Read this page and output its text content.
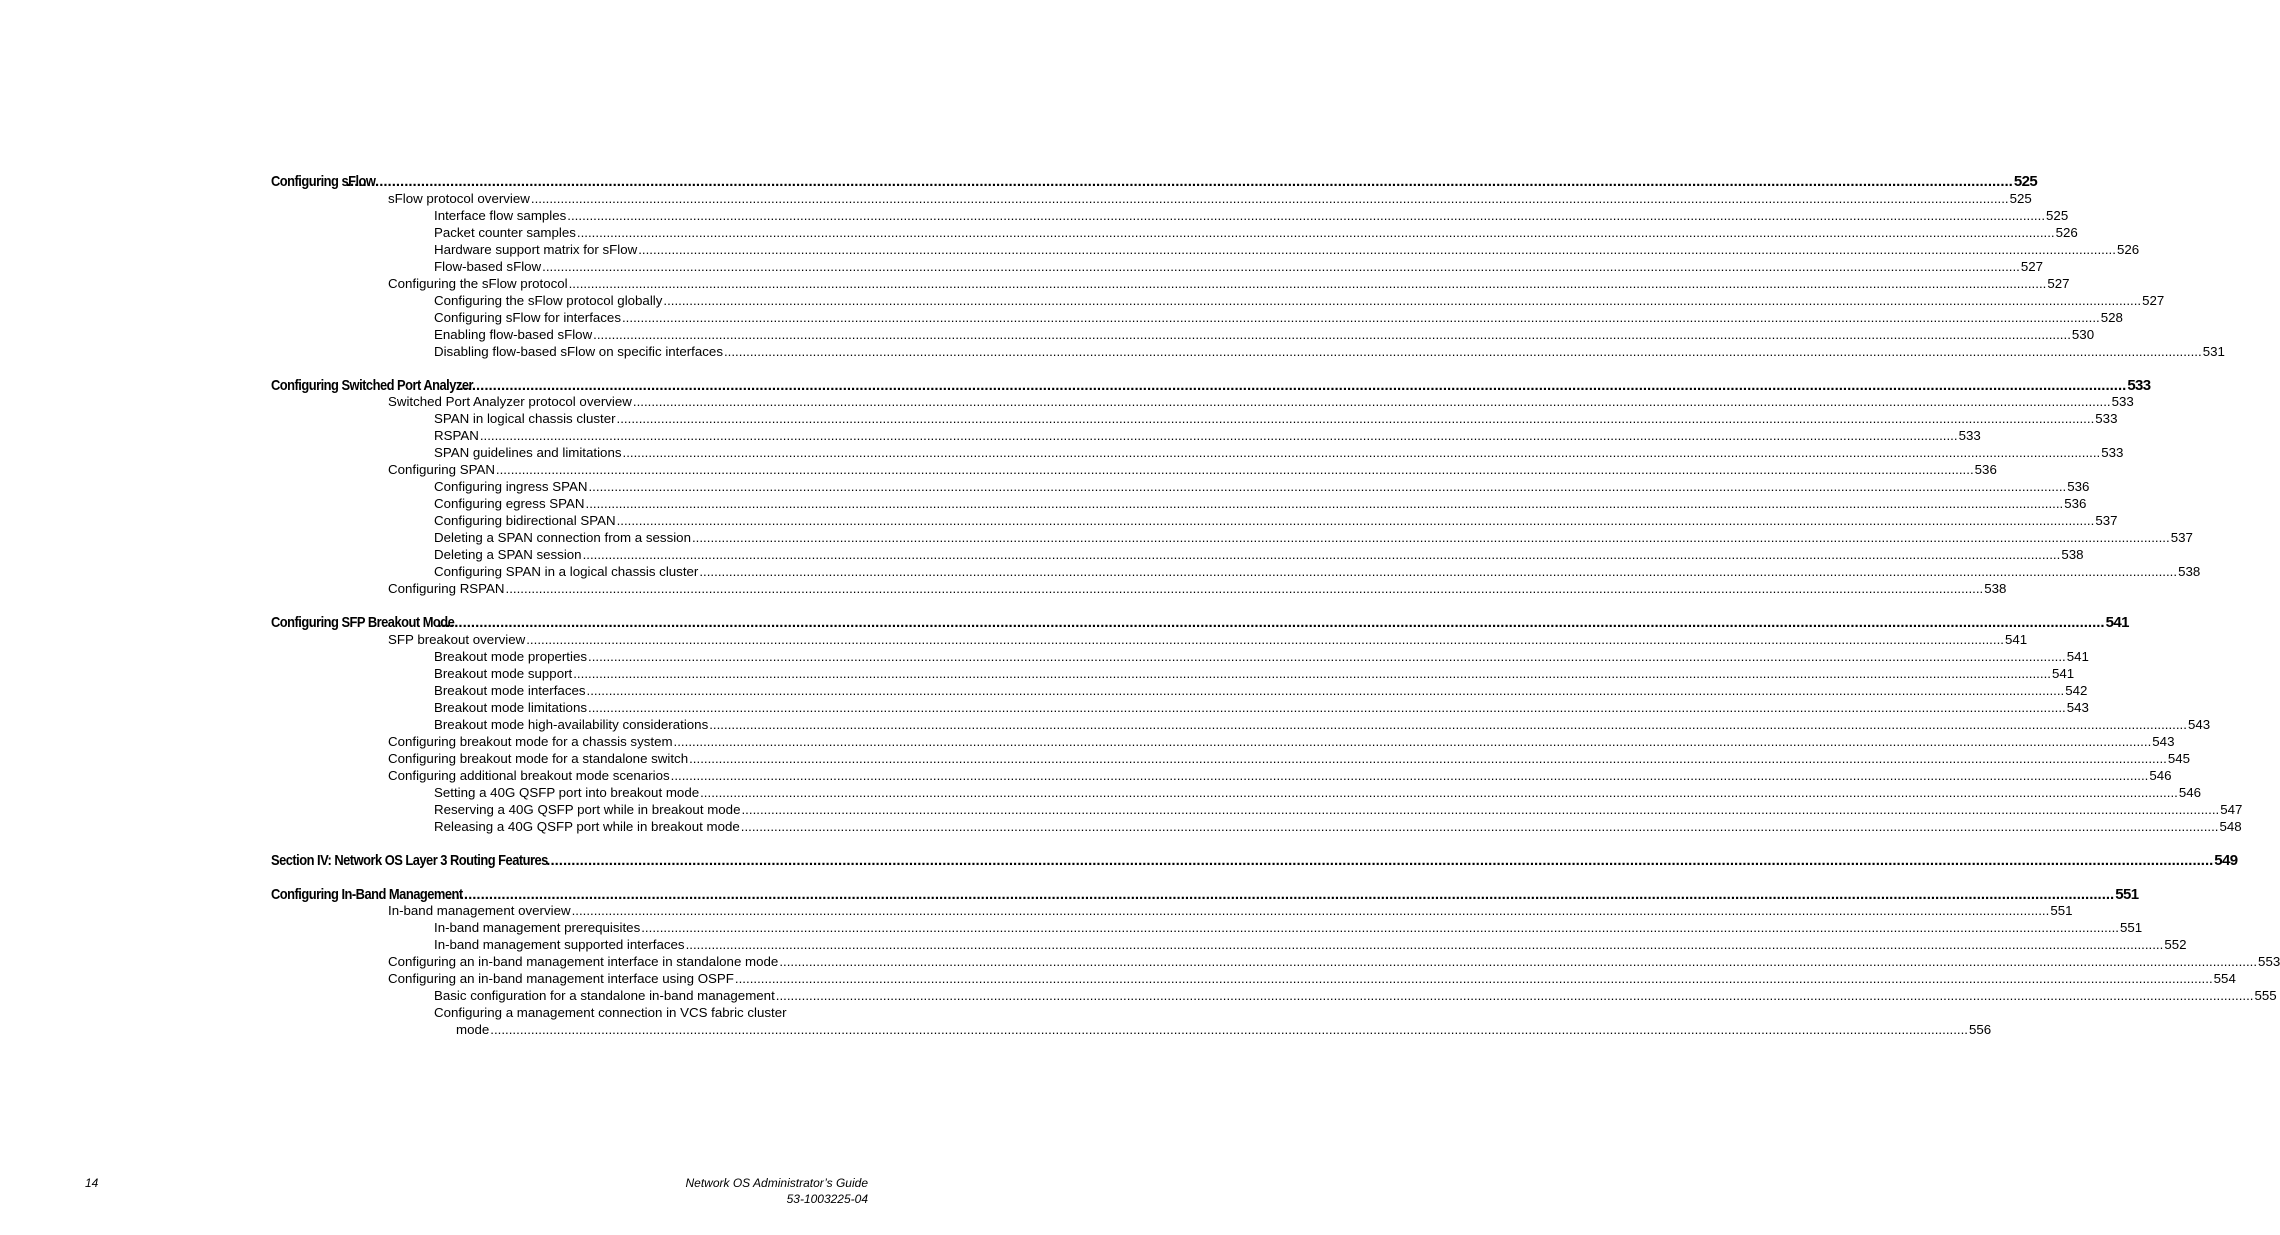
Configuring sFlow
................................................................................................................................................................................................................................................................................................................................................................................................................ 525
sFlow protocol overview ................................................................................................................................................................................................................................................................................................................................................................................................................ 525
Interface flow samples ................................................................................................................................................................................................................................................................................................................................................................................................................ 525
Packet counter samples ................................................................................................................................................................................................................................................................................................................................................................................................................ 526
Hardware support matrix for sFlow ................................................................................................................................................................................................................................................................................................................................................................................................................ 526
Flow-based sFlow ................................................................................................................................................................................................................................................................................................................................................................................................................ 527
Configuring the sFlow protocol ................................................................................................................................................................................................................................................................................................................................................................................................................ 527
Configuring the sFlow protocol globally ................................................................................................................................................................................................................................................................................................................................................................................................................ 527
Configuring sFlow for interfaces ................................................................................................................................................................................................................................................................................................................................................................................................................ 528
Enabling flow-based sFlow ................................................................................................................................................................................................................................................................................................................................................................................................................ 530
Disabling flow-based sFlow on specific interfaces ................................................................................................................................................................................................................................................................................................................................................................................................................ 531
Configuring Switched Port Analyzer
................................................................................................................................................................................................................................................................................................................................................................................................................ 533
Switched Port Analyzer protocol overview ................................................................................................................................................................................................................................................................................................................................................................................................................ 533
SPAN in logical chassis cluster ................................................................................................................................................................................................................................................................................................................................................................................................................ 533
RSPAN ................................................................................................................................................................................................................................................................................................................................................................................................................ 533
SPAN guidelines and limitations ................................................................................................................................................................................................................................................................................................................................................................................................................ 533
Configuring SPAN ................................................................................................................................................................................................................................................................................................................................................................................................................ 536
Configuring ingress SPAN ................................................................................................................................................................................................................................................................................................................................................................................................................ 536
Configuring egress SPAN ................................................................................................................................................................................................................................................................................................................................................................................................................ 536
Configuring bidirectional SPAN ................................................................................................................................................................................................................................................................................................................................................................................................................ 537
Deleting a SPAN connection from a session ................................................................................................................................................................................................................................................................................................................................................................................................................ 537
Deleting a SPAN session ................................................................................................................................................................................................................................................................................................................................................................................................................ 538
Configuring SPAN in a logical chassis cluster ................................................................................................................................................................................................................................................................................................................................................................................................................ 538
Configuring RSPAN ................................................................................................................................................................................................................................................................................................................................................................................................................ 538
Configuring SFP Breakout Mode
................................................................................................................................................................................................................................................................................................................................................................................................................ 541
SFP breakout overview ................................................................................................................................................................................................................................................................................................................................................................................................................ 541
Breakout mode properties ................................................................................................................................................................................................................................................................................................................................................................................................................ 541
Breakout mode support ................................................................................................................................................................................................................................................................................................................................................................................................................ 541
Breakout mode interfaces ................................................................................................................................................................................................................................................................................................................................................................................................................ 542
Breakout mode limitations ................................................................................................................................................................................................................................................................................................................................................................................................................ 543
Breakout mode high-availability considerations ................................................................................................................................................................................................................................................................................................................................................................................................................ 543
Configuring breakout mode for a chassis system ................................................................................................................................................................................................................................................................................................................................................................................................................ 543
Configuring breakout mode for a standalone switch ................................................................................................................................................................................................................................................................................................................................................................................................................ 545
Configuring additional breakout mode scenarios ................................................................................................................................................................................................................................................................................................................................................................................................................ 546
Setting a 40G QSFP port into breakout mode ................................................................................................................................................................................................................................................................................................................................................................................................................ 546
Reserving a 40G QSFP port while in breakout mode ................................................................................................................................................................................................................................................................................................................................................................................................................ 547
Releasing a 40G QSFP port while in breakout mode ................................................................................................................................................................................................................................................................................................................................................................................................................ 548
Section IV: Network OS Layer 3 Routing Features
................................................................................................................................................................................................................................................................................................................................................................................................................ 549
Configuring In-Band Management
................................................................................................................................................................................................................................................................................................................................................................................................................ 551
In-band management overview ................................................................................................................................................................................................................................................................................................................................................................................................................ 551
In-band management prerequisites ................................................................................................................................................................................................................................................................................................................................................................................................................ 551
In-band management supported interfaces ................................................................................................................................................................................................................................................................................................................................................................................................................ 552
Configuring an in-band management interface in standalone mode ................................................................................................................................................................................................................................................................................................................................................................................................................ 553
Configuring an in-band management interface using OSPF ................................................................................................................................................................................................................................................................................................................................................................................................................ 554
Basic configuration for a standalone in-band management ................................................................................................................................................................................................................................................................................................................................................................................................................ 555
Configuring a management connection in VCS fabric cluster
mode ................................................................................................................................................................................................................................................................................................................................................................................................................ 556
14	Network OS Administrator’s Guide
53-1003225-04
